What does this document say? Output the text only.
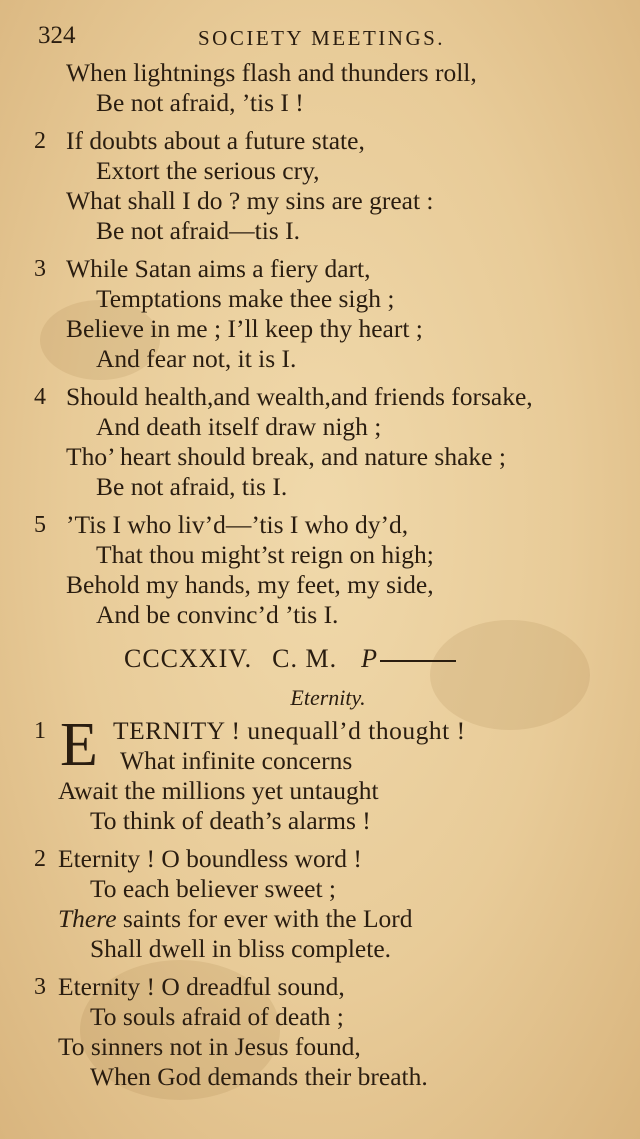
324	SOCIETY MEETINGS.
When lightnings flash and thunders roll,
Be not afraid, ’tis I !
2 If doubts about a future state,
Extort the serious cry,
What shall I do ? my sins are great :
Be not afraid—tis I.
3 While Satan aims a fiery dart,
Temptations make thee sigh ;
Believe in me ; I’ll keep thy heart ;
And fear not, it is I.
4 Should health,and wealth,and friends forsake,
And death itself draw nigh ;
Tho’ heart should break, and nature shake ;
Be not afraid, tis I.
5 ’Tis I who liv’d—’tis I who dy’d,
That thou might’st reign on high;
Behold my hands, my feet, my side,
And be convinc’d ’tis I.
CCCXXIV. C. M. P
Eternity.
1 E TERNITY ! unequall’d thought !
What infinite concerns
Await the millions yet untaught
To think of death’s alarms !
2 Eternity ! O boundless word !
To each believer sweet ;
There saints for ever with the Lord
Shall dwell in bliss complete.
3 Eternity ! O dreadful sound,
To souls afraid of death ;
To sinners not in Jesus found,
When God demands their breath.
